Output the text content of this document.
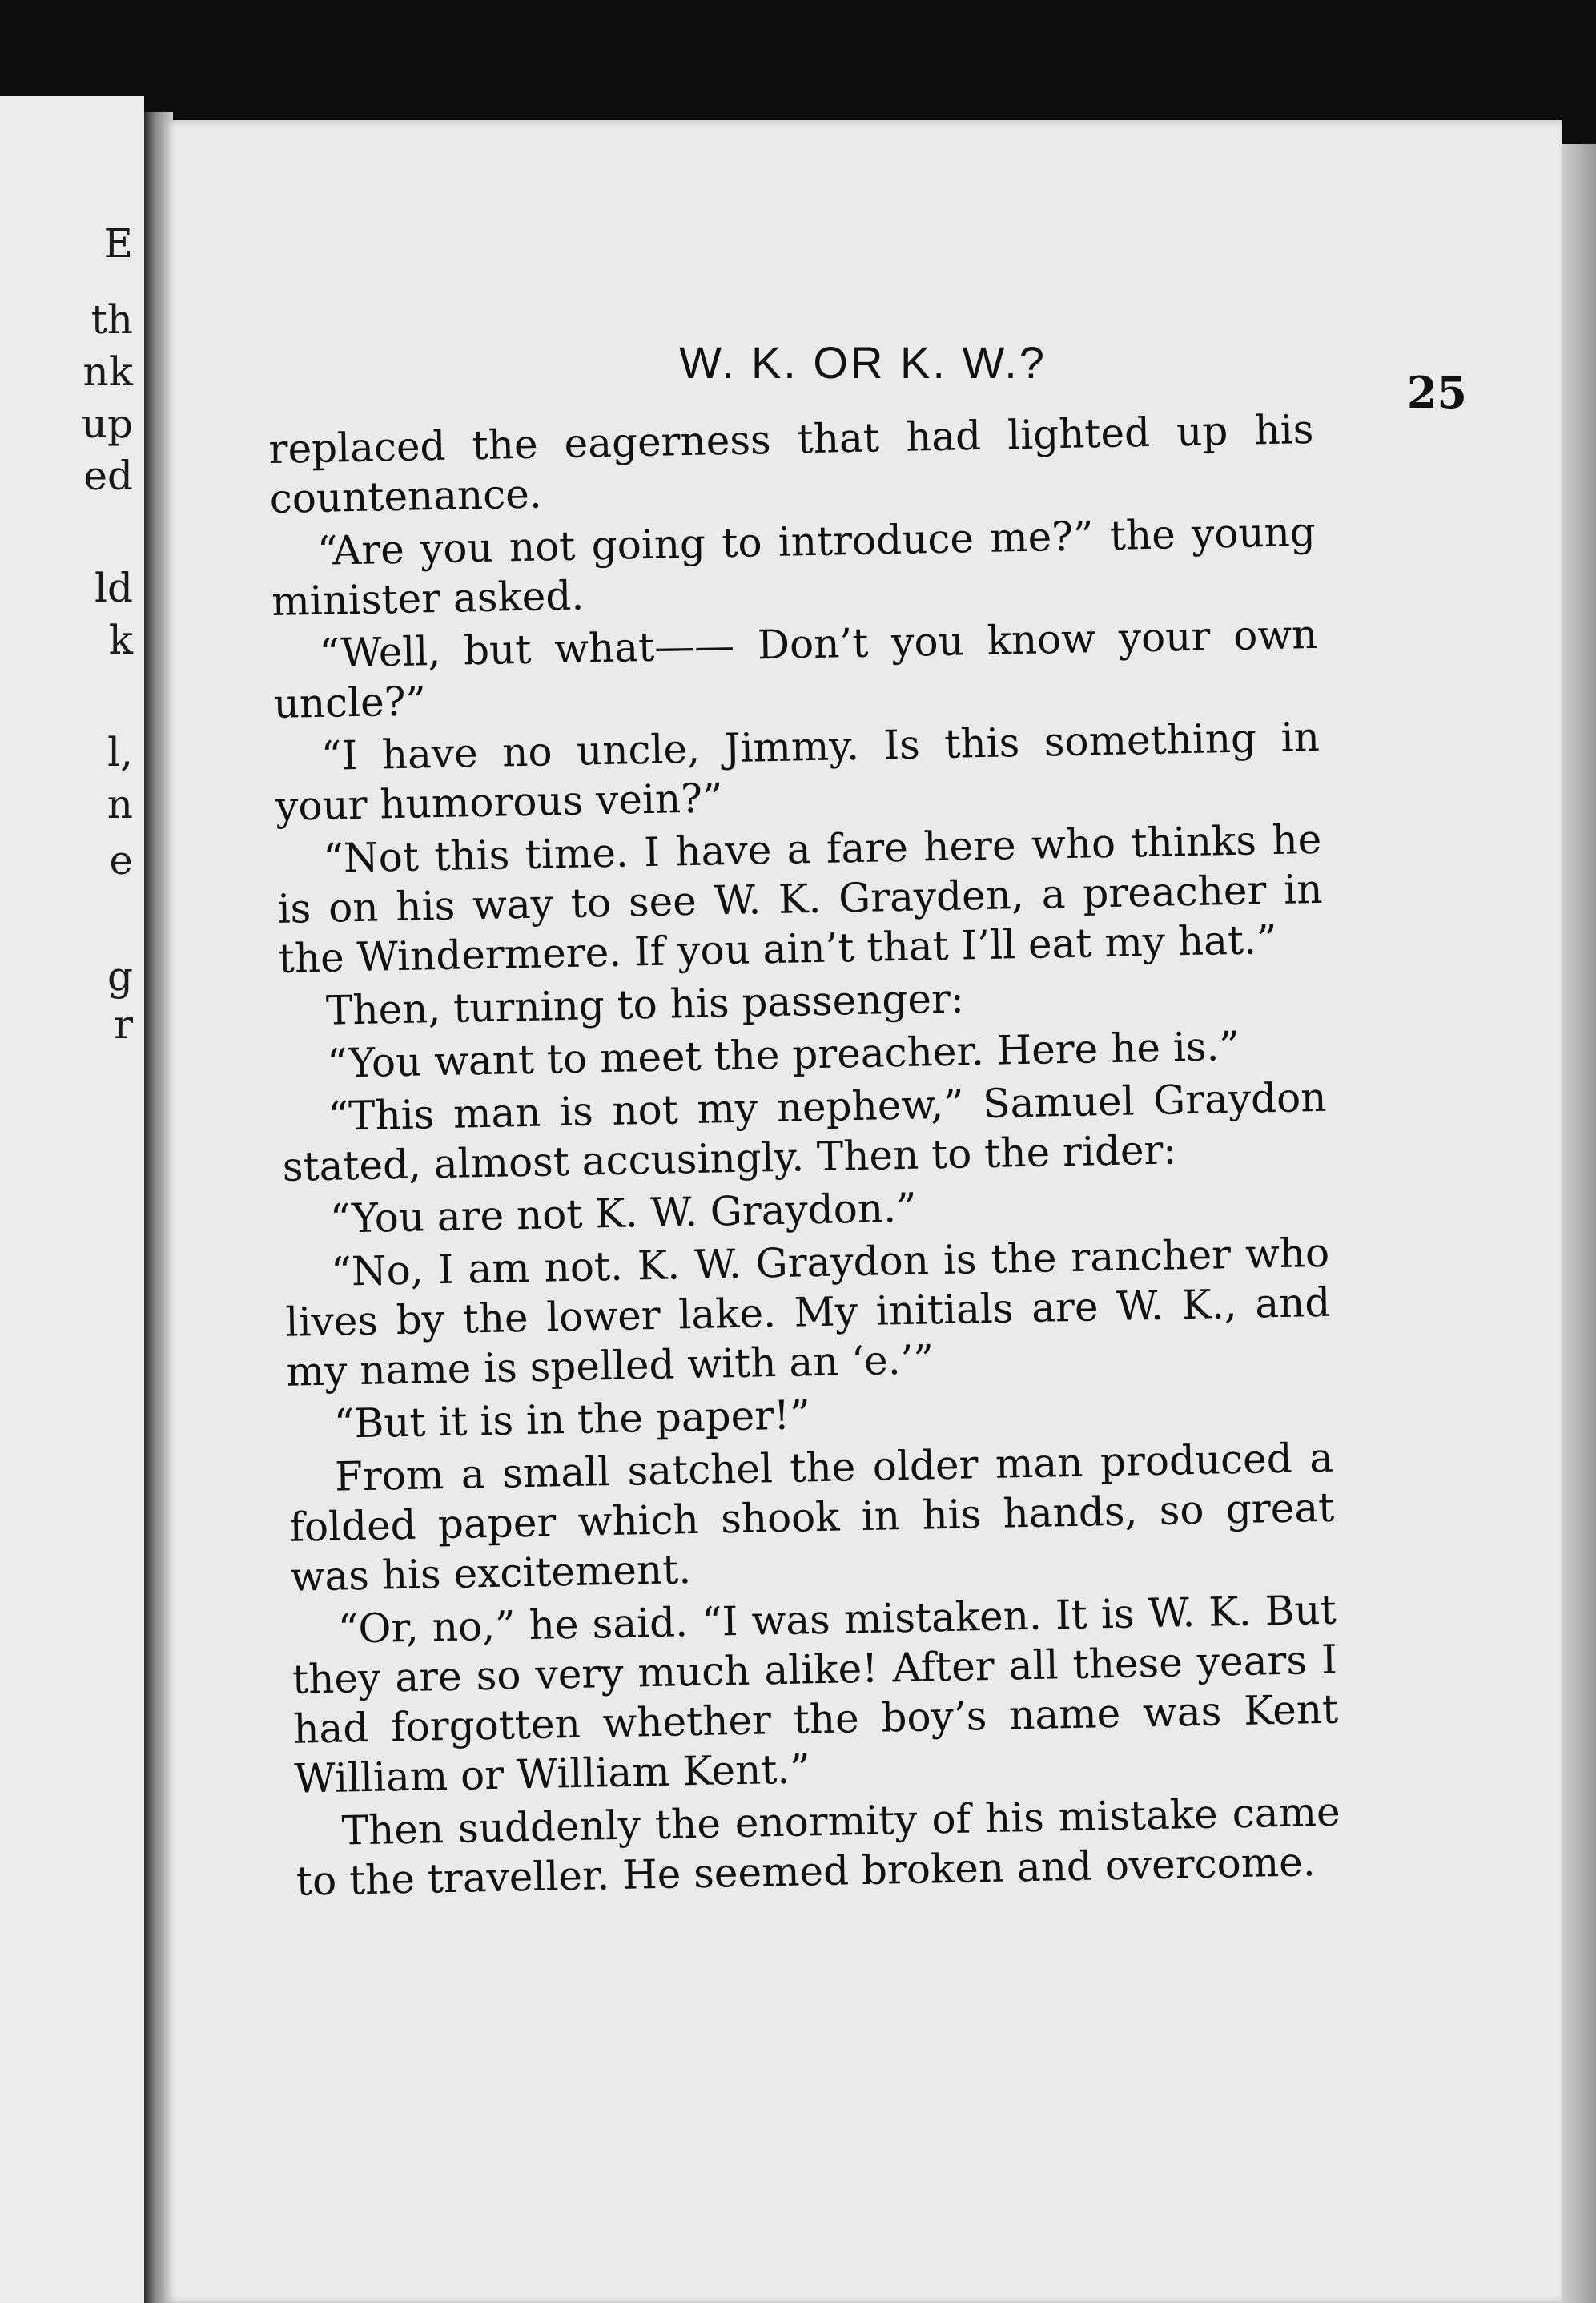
E
th
nk
up
ed
ld
k
l,
n
e
g
r
W. K. OR K. W.?
25

replaced the eagerness that had lighted up his countenance.

“Are you not going to introduce me?” the young minister asked.

“Well, but what—— Don’t you know your own uncle?”

“I have no uncle, Jimmy. Is this something in your humorous vein?”

“Not this time. I have a fare here who thinks he is on his way to see W. K. Grayden, a preacher in the Windermere. If you ain’t that I’ll eat my hat.”

Then, turning to his passenger:

“You want to meet the preacher. Here he is.”

“This man is not my nephew,” Samuel Graydon stated, almost accusingly. Then to the rider:

“You are not K. W. Graydon.”

“No, I am not. K. W. Graydon is the rancher who lives by the lower lake. My initials are W. K., and my name is spelled with an ‘e.’”

“But it is in the paper!”

From a small satchel the older man produced a folded paper which shook in his hands, so great was his excitement.

“Or, no,” he said. “I was mistaken. It is W. K. But they are so very much alike! After all these years I had forgotten whether the boy’s name was Kent William or William Kent.”

Then suddenly the enormity of his mistake came to the traveller. He seemed broken and overcome.
